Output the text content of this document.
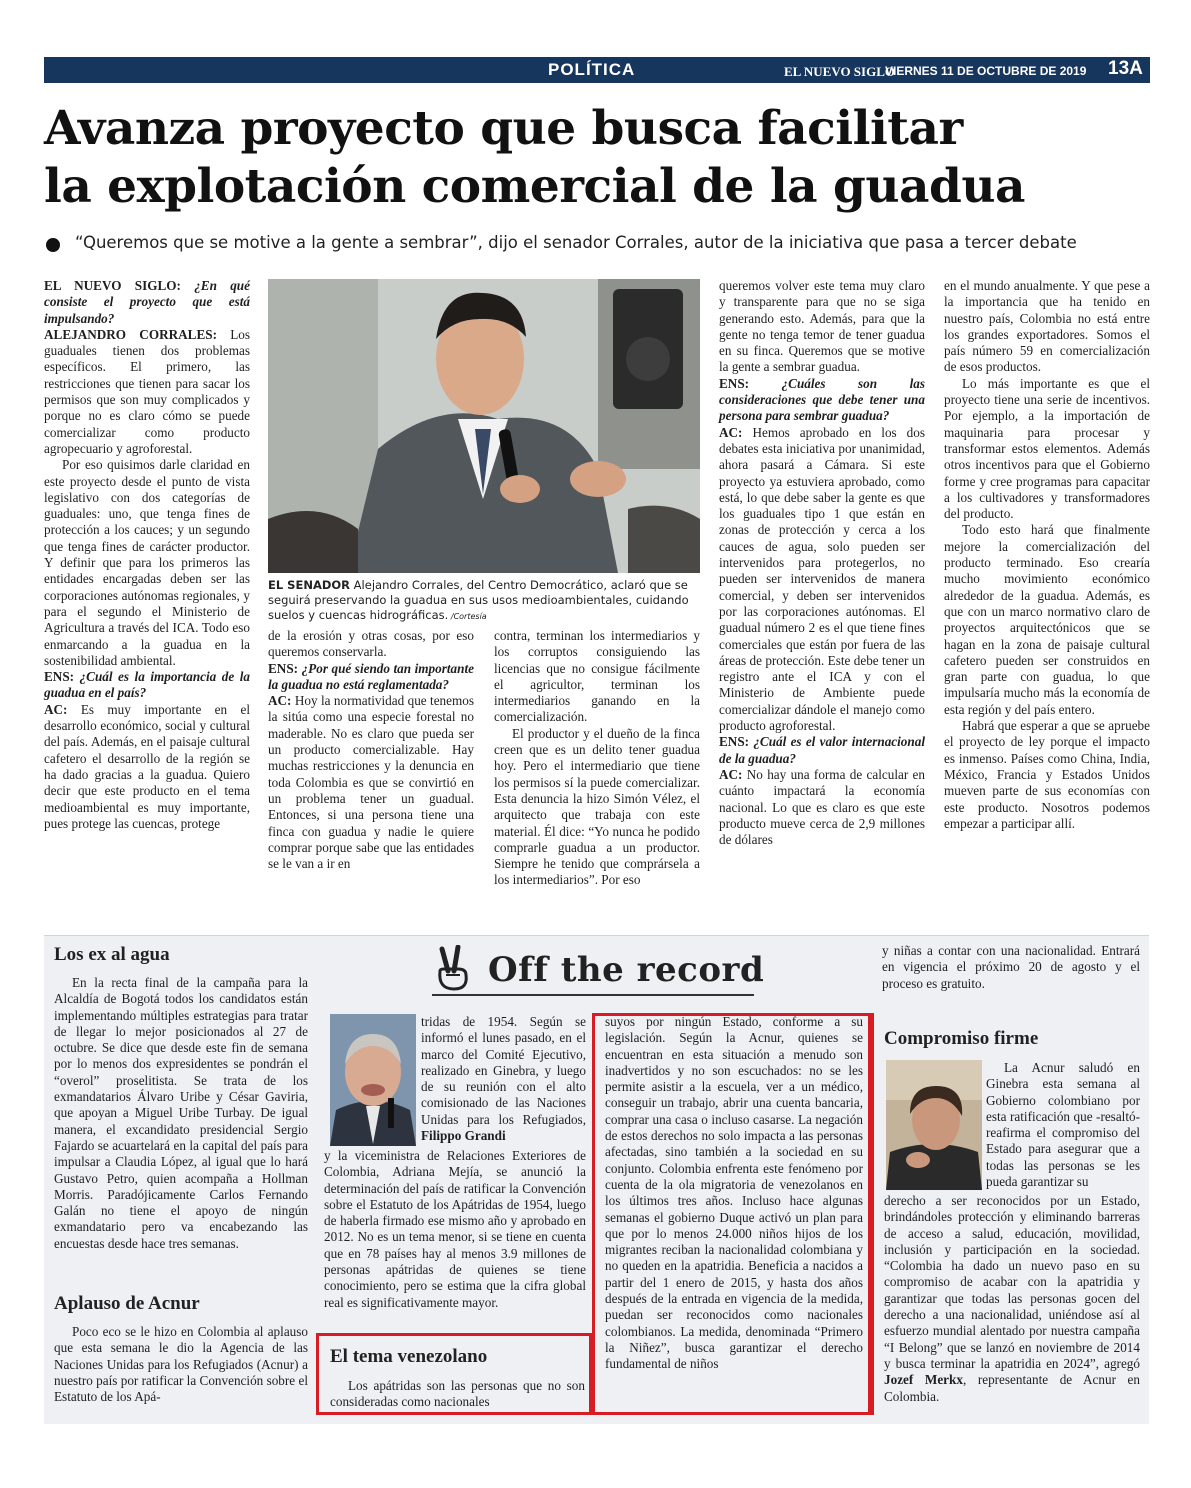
POLÍTICA	EL NUEVO SIGLO
VIERNES 11 DE OCTUBRE DE 2019 13A
Avanza proyecto que busca facilitar
la explotación comercial de la guadua
“Queremos que se motive a la gente a sembrar”, dijo el senador Corrales, autor de la iniciativa que pasa a tercer debate

EL NUEVO SIGLO: ¿En qué consiste el proyecto que está impulsando?

ALEJANDRO CORRALES: Los guaduales tienen dos problemas específicos. El primero, las restricciones que tienen para sacar los permisos que son muy complicados y porque no es claro cómo se puede comercializar como producto agropecuario y agroforestal.

Por eso quisimos darle claridad en este proyecto desde el punto de vista legislativo con dos categorías de guaduales: uno, que tenga fines de protección a los cauces; y un segundo que tenga fines de carácter productor. Y definir que para los primeros las entidades encargadas deben ser las corporaciones autónomas regionales, y para el segundo el Ministerio de Agricultura a través del ICA. Todo eso enmarcando a la guadua en la sostenibilidad ambiental.

ENS: ¿Cuál es la importancia de la guadua en el país?

AC: Es muy importante en el desarrollo económico, social y cultural del país. Además, en el paisaje cultural cafetero el desarrollo de la región se ha dado gracias a la guadua. Quiero decir que este producto en el tema medioambiental es muy importante, pues protege las cuencas, protege

EL SENADOR Alejandro Corrales, del Centro Democrático, aclaró que se seguirá preservando la guadua en sus usos medioambientales, cuidando suelos y cuencas hidrográficas. /Cortesía

de la erosión y otras cosas, por eso queremos conservarla.

ENS: ¿Por qué siendo tan importante la guadua no está reglamentada?

AC: Hoy la normatividad que tenemos la sitúa como una especie forestal no maderable. No es claro que pueda ser un producto comercializable. Hay muchas restricciones y la denuncia en toda Colombia es que se convirtió en un problema tener un guadual. Entonces, si una persona tiene una finca con guadua y nadie le quiere comprar porque sabe que las entidades se le van a ir en

contra, terminan los intermediarios y los corruptos consiguiendo las licencias que no consigue fácilmente el agricultor, terminan los intermediarios ganando en la comercialización.

El productor y el dueño de la finca creen que es un delito tener guadua hoy. Pero el intermediario que tiene los permisos sí la puede comercializar. Esta denuncia la hizo Simón Vélez, el arquitecto que trabaja con este material. Él dice: “Yo nunca he podido comprarle guadua a un productor. Siempre he tenido que comprársela a los intermediarios”. Por eso

queremos volver este tema muy claro y transparente para que no se siga generando esto. Además, para que la gente no tenga temor de tener guadua en su finca. Queremos que se motive la gente a sembrar guadua.

ENS: ¿Cuáles son las consideraciones que debe tener una persona para sembrar guadua?

AC: Hemos aprobado en los dos debates esta iniciativa por unanimidad, ahora pasará a Cámara. Si este proyecto ya estuviera aprobado, como está, lo que debe saber la gente es que los guaduales tipo 1 que están en zonas de protección y cerca a los cauces de agua, solo pueden ser intervenidos para protegerlos, no pueden ser intervenidos de manera comercial, y deben ser intervenidos por las corporaciones autónomas. El guadual número 2 es el que tiene fines comerciales que están por fuera de las áreas de protección. Este debe tener un registro ante el ICA y con el Ministerio de Ambiente puede comercializar dándole el manejo como producto agroforestal.

ENS: ¿Cuál es el valor internacional de la guadua?

AC: No hay una forma de calcular en cuánto impactará la economía nacional. Lo que es claro es que este producto mueve cerca de 2,9 millones de dólares

en el mundo anualmente. Y que pese a la importancia que ha tenido en nuestro país, Colombia no está entre los grandes exportadores. Somos el país número 59 en comercialización de esos productos.

Lo más importante es que el proyecto tiene una serie de incentivos. Por ejemplo, a la importación de maquinaria para procesar y transformar estos elementos. Además otros incentivos para que el Gobierno forme y cree programas para capacitar a los cultivadores y transformadores del producto.

Todo esto hará que finalmente mejore la comercialización del producto terminado. Eso crearía mucho movimiento económico alrededor de la guadua. Además, es que con un marco normativo claro de proyectos arquitectónicos que se hagan en la zona de paisaje cultural cafetero pueden ser construidos en gran parte con guadua, lo que impulsaría mucho más la economía de esta región y del país entero.

Habrá que esperar a que se apruebe el proyecto de ley porque el impacto es inmenso. Países como China, India, México, Francia y Estados Unidos mueven parte de sus economías con este producto. Nosotros podemos empezar a participar allí.

Off the record
Los ex al agua

En la recta final de la campaña para la Alcaldía de Bogotá todos los candidatos están implementando múltiples estrategias para tratar de llegar lo mejor posicionados al 27 de octubre. Se dice que desde este fin de semana por lo menos dos expresidentes se pondrán el “overol” proselitista. Se trata de los exmandatarios Álvaro Uribe y César Gaviria, que apoyan a Miguel Uribe Turbay. De igual manera, el excandidato presidencial Sergio Fajardo se acuartelará en la capital del país para impulsar a Claudia López, al igual que lo hará Gustavo Petro, quien acompaña a Hollman Morris. Paradójicamente Carlos Fernando Galán no tiene el apoyo de ningún exmandatario pero va encabezando las encuestas desde hace tres semanas.

Aplauso de Acnur

Poco eco se le hizo en Colombia al aplauso que esta semana le dio la Agencia de las Naciones Unidas para los Refugiados (Acnur) a nuestro país por ratificar la Convención sobre el Estatuto de los Apá-

tridas de 1954. Según se informó el lunes pasado, en el marco del Comité Ejecutivo, realizado en Ginebra, y luego de su reunión con el alto comisionado de las Naciones Unidas para los Refugiados, Filippo Grandi

y la viceministra de Relaciones Exteriores de Colombia, Adriana Mejía, se anunció la determinación del país de ratificar la Convención sobre el Estatuto de los Apátridas de 1954, luego de haberla firmado ese mismo año y aprobado en 2012. No es un tema menor, si se tiene en cuenta que en 78 países hay al menos 3.9 millones de personas apátridas de quienes se tiene conocimiento, pero se estima que la cifra global real es significativamente mayor.

El tema venezolano

Los apátridas son las personas que no son consideradas como nacionales

suyos por ningún Estado, conforme a su legislación. Según la Acnur, quienes se encuentran en esta situación a menudo son inadvertidos y no son escuchados: no se les permite asistir a la escuela, ver a un médico, conseguir un trabajo, abrir una cuenta bancaria, comprar una casa o incluso casarse. La negación de estos derechos no solo impacta a las personas afectadas, sino también a la sociedad en su conjunto. Colombia enfrenta este fenómeno por cuenta de la ola migratoria de venezolanos en los últimos tres años. Incluso hace algunas semanas el gobierno Duque activó un plan para que por lo menos 24.000 niños hijos de los migrantes reciban la nacionalidad colombiana y no queden en la apatridia. Beneficia a nacidos a partir del 1 enero de 2015, y hasta dos años después de la entrada en vigencia de la medida, puedan ser reconocidos como nacionales colombianos. La medida, denominada “Primero la Niñez”, busca garantizar el derecho fundamental de niños

y niñas a contar con una nacionalidad. Entrará en vigencia el próximo 20 de agosto y el proceso es gratuito.

Compromiso firme

La Acnur saludó en Ginebra esta semana al Gobierno colombiano por esta ratificación que -resaltó- reafirma el compromiso del Estado para asegurar que a todas las personas se les pueda garantizar su

derecho a ser reconocidos por un Estado, brindándoles protección y eliminando barreras de acceso a salud, educación, movilidad, inclusión y participación en la sociedad. “Colombia ha dado un nuevo paso en su compromiso de acabar con la apatridia y garantizar que todas las personas gocen del derecho a una nacionalidad, uniéndose así al esfuerzo mundial alentado por nuestra campaña “I Belong” que se lanzó en noviembre de 2014 y busca terminar la apatridia en 2024”, agregó Jozef Merkx, representante de Acnur en Colombia.
